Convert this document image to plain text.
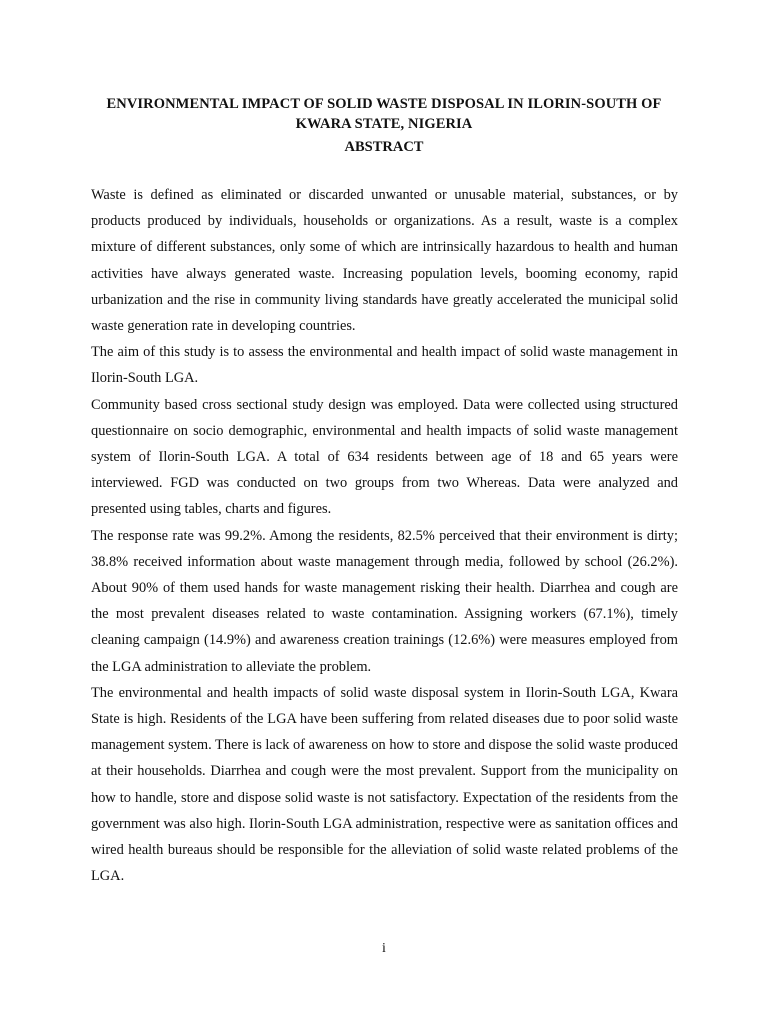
ENVIRONMENTAL IMPACT OF SOLID WASTE DISPOSAL IN ILORIN-SOUTH OF KWARA STATE, NIGERIA
ABSTRACT

Waste is defined as eliminated or discarded unwanted or unusable material, substances, or by products produced by individuals, households or organizations. As a result, waste is a complex mixture of different substances, only some of which are intrinsically hazardous to health and human activities have always generated waste. Increasing population levels, booming economy, rapid urbanization and the rise in community living standards have greatly accelerated the municipal solid waste generation rate in developing countries.

The aim of this study is to assess the environmental and health impact of solid waste management in Ilorin-South LGA.

Community based cross sectional study design was employed. Data were collected using structured questionnaire on socio demographic, environmental and health impacts of solid waste management system of Ilorin-South LGA. A total of 634 residents between age of 18 and 65 years were interviewed. FGD was conducted on two groups from two Whereas. Data were analyzed and presented using tables, charts and figures.

The response rate was 99.2%. Among the residents, 82.5% perceived that their environment is dirty; 38.8% received information about waste management through media, followed by school (26.2%). About 90% of them used hands for waste management risking their health. Diarrhea and cough are the most prevalent diseases related to waste contamination. Assigning workers (67.1%), timely cleaning campaign (14.9%) and awareness creation trainings (12.6%) were measures employed from the LGA administration to alleviate the problem.

The environmental and health impacts of solid waste disposal system in Ilorin-South LGA, Kwara State is high. Residents of the LGA have been suffering from related diseases due to poor solid waste management system. There is lack of awareness on how to store and dispose the solid waste produced at their households. Diarrhea and cough were the most prevalent. Support from the municipality on how to handle, store and dispose solid waste is not satisfactory. Expectation of the residents from the government was also high. Ilorin-South LGA administration, respective were as sanitation offices and wired health bureaus should be responsible for the alleviation of solid waste related problems of the LGA.

i
